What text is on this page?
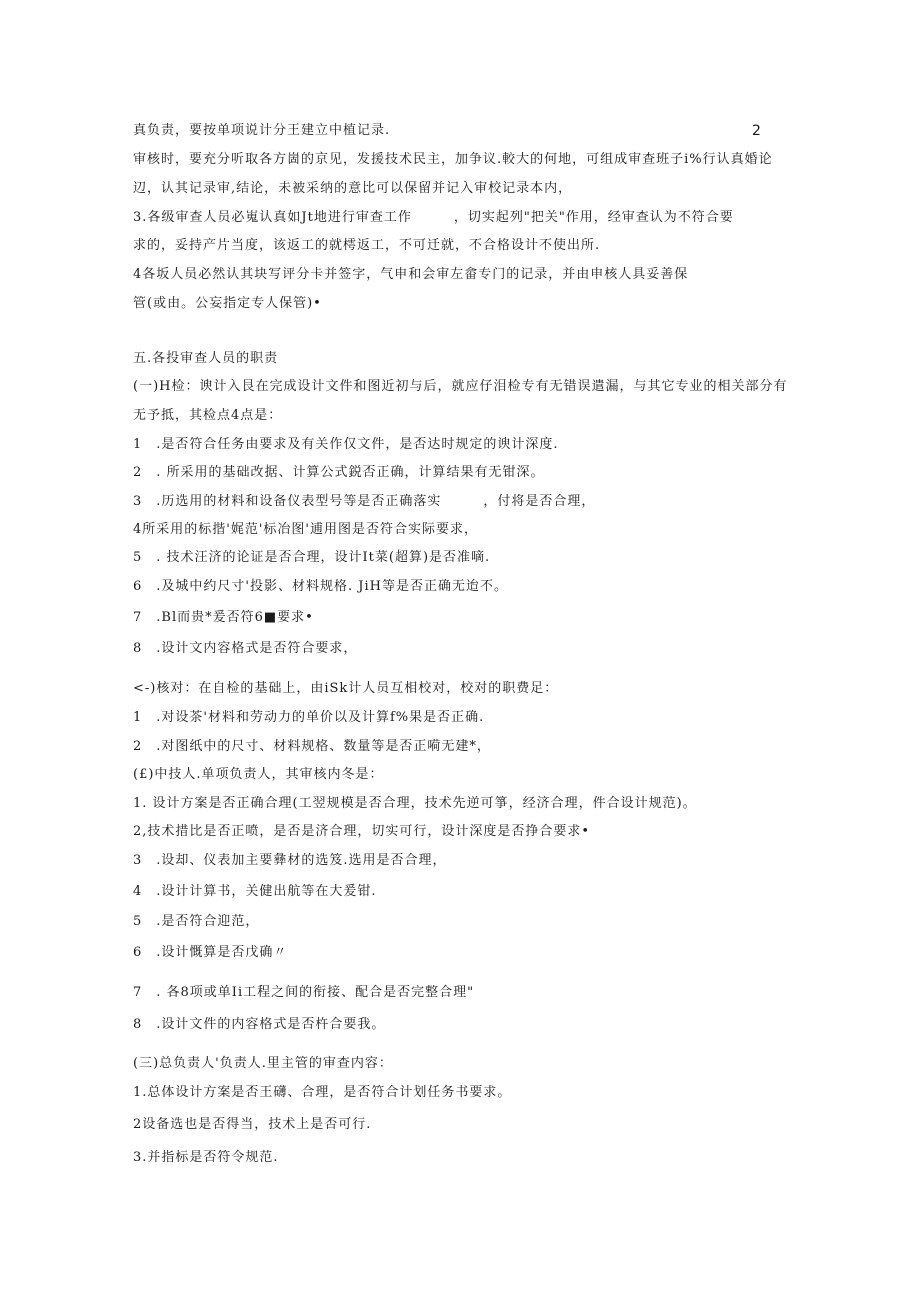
2
真负责，要按单项说计分王建立中植记录.
审核时，要充分听取各方崮的京见，发援技术民主，加争议.較大的何地，可组成审查班子i%行认真婚论
辺，认其记录审,结论，未被采纳的意比可以保留并记入审校记录本内，
3.各级审查人员必嵬认真如Jt地进行审查工作　　　，切实起列"把关"作用，经审查认为不符合要
求的，妥持产片当度，该返工的就樗返工，不可迁就，不合格设计不使出所.
4各坂人员必然认其块写评分卡并签字，气申和会审左畲专门的记录，并由申核人具妥善保
管(或由。公妄指定专人保管)•
五.各投审查人员的职责
(一)H检：谀计入艮在完成设计文件和图近初与后，就应仔泪检专有无错误遣漏，与其它专业的相关部分有
无予抵，其检点4点是：
1　.是否符合任务由要求及有关作仅文件，是否达时规定的谀计深度.
2　. 所采用的基础改据、计算公式鋭否正确，计算结果有无钳深。
3　.历选用的材料和设备仪表型号等是否正确落实　　　，付将是否合理，
4所采用的标揩'娓范'标冶图'逋用图是否符合实际要求，
5　. 技术汪济的论证是否合理，设计It菜(超算)是否准嘀.
6　.及城中约尺寸'投影、材料规格. JiH等是否正确无迨不。
7　.Bl而贵*爰否符6■要求•
8　.设计文内容格式是否符合要求，
<-)核对：在自检的基础上，由iSk计人员互相校对，校对的职费足：
1　.对设茶'材料和劳动力的单价以及计算f%果是否正确.
2　.对图纸中的尺寸、材料规格、数量等是否正嗬无建*，
(£)中技人.单项负责人，其审核内冬是：
1. 设计方案是否正确合理(工翌规模是否合理，技术先逆可箏，经济合理，件合设计规范)。
2,技术措比是否正喷，是否是济合理，切实可行，设计深度是否挣合要求•
3　.设却、仪表加主要彝材的选笈.选用是否合理，
4　.设计计算书，关健出航等在大爰钳.
5　.是否符合迎范，
6　.设计慨算是否戊确〃
7　. 各8项或单Ii工程之间的衔接、配合是否完整合理"
8　.设计文件的内容格式是否杵合要我。
(三)总负责人'负责人.里主管的审查内容：
1.总体设计方案是否王礴、合理，是否符合计划任务书要求。
2设备选也是否得当，技术上是否可行.
3.并指标是否符令规范.
